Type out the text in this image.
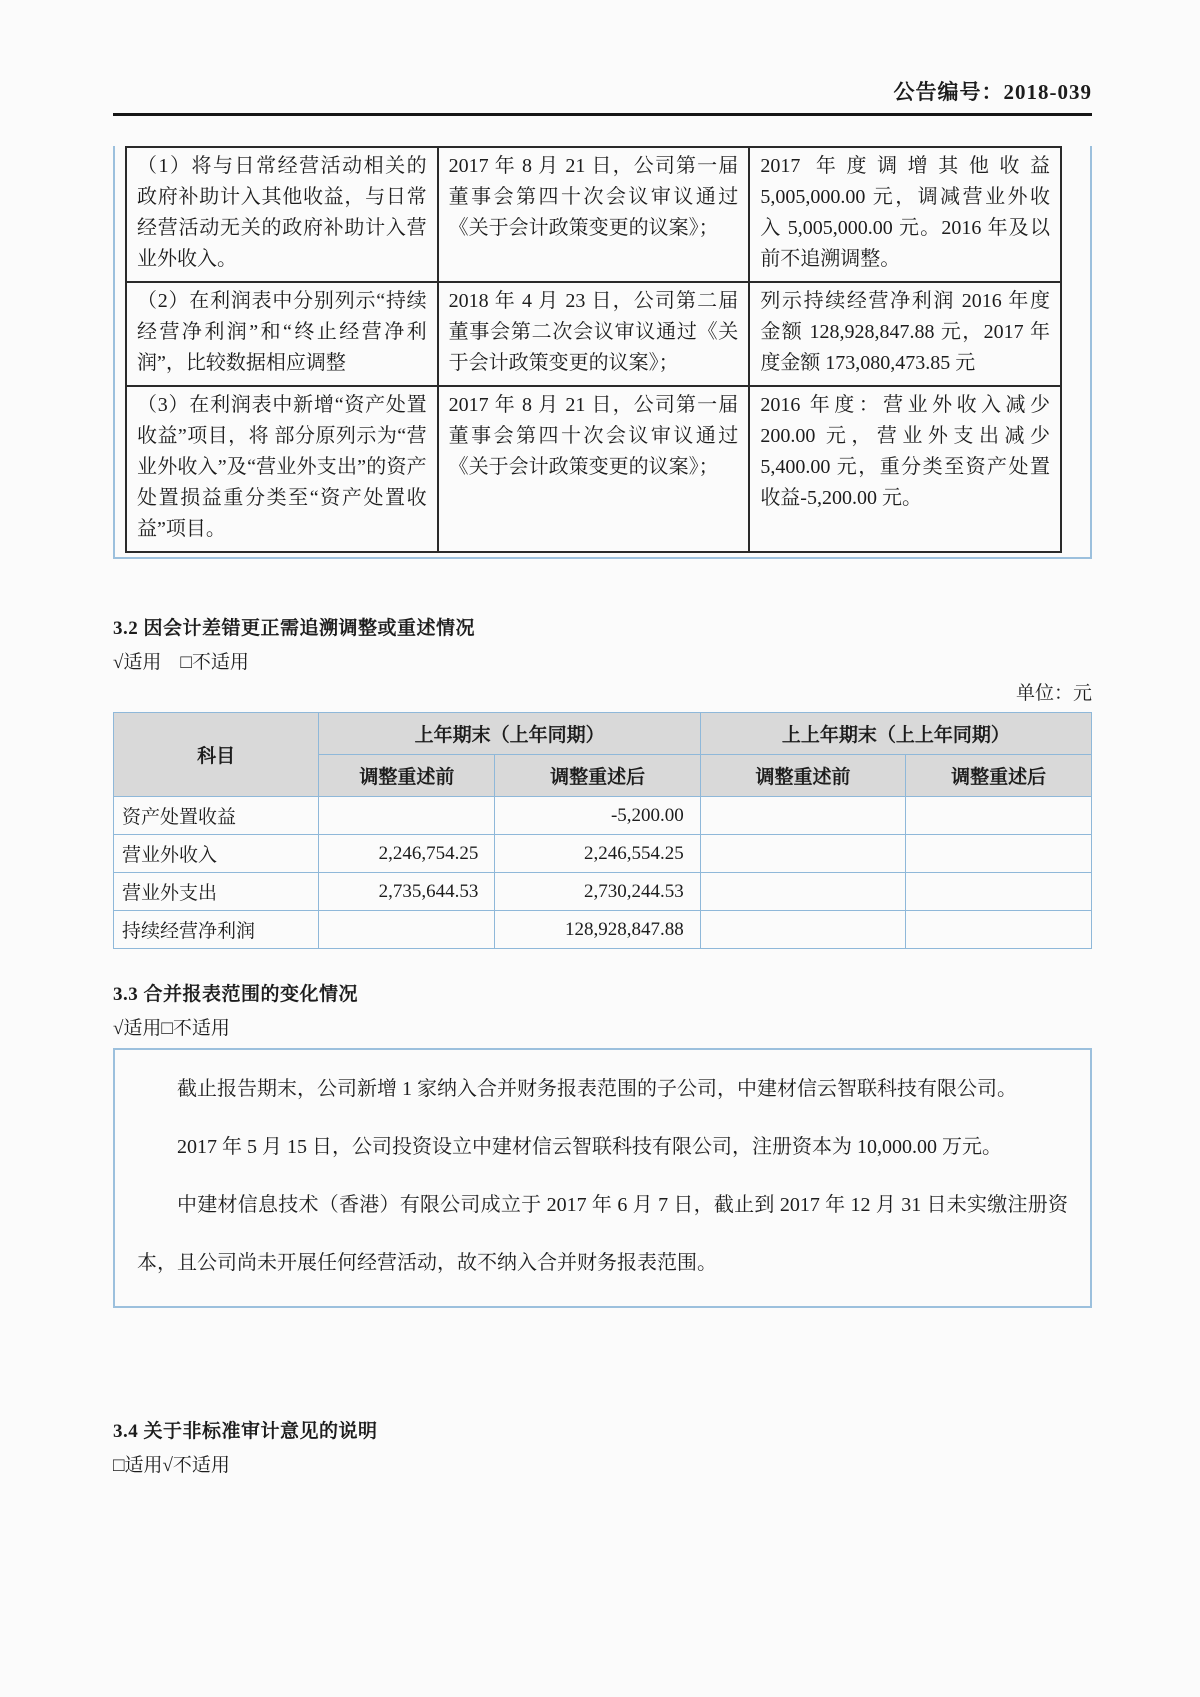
公告编号：2018-039
（1）将与日常经营活动相关的政府补助计入其他收益，与日常经营活动无关的政府补助计入营业外收入。	2017 年 8 月 21 日，公司第一届董事会第四十次会议审议通过《关于会计政策变更的议案》；	2017 年度调增其他收益 5,005,000.00 元，调减营业外收入 5,005,000.00 元。2016 年及以前不追溯调整。
（2）在利润表中分别列示“持续经营净利润”和“终止经营净利润”，比较数据相应调整	2018 年 4 月 23 日，公司第二届董事会第二次会议审议通过《关于会计政策变更的议案》；	列示持续经营净利润 2016 年度金额 128,928,847.88 元，2017 年度金额 173,080,473.85 元
（3）在利润表中新增“资产处置收益”项目，将 部分原列示为“营业外收入”及“营业外支出”的资产处置损益重分类至“资产处置收益”项目。	2017 年 8 月 21 日，公司第一届董事会第四十次会议审议通过《关于会计政策变更的议案》；	2016 年度：营业外收入减少 200.00 元，营业外支出减少 5,400.00 元，重分类至资产处置收益-5,200.00 元。
3.2 因会计差错更正需追溯调整或重述情况
√适用　□不适用
单位：元
科目	上年期末（上年同期）		上上年期末（上上年同期）	
	调整重述前	调整重述后	调整重述前	调整重述后
资产处置收益		-5,200.00		
营业外收入	2,246,754.25	2,246,554.25		
营业外支出	2,735,644.53	2,730,244.53		
持续经营净利润		128,928,847.88		
3.3 合并报表范围的变化情况
√适用□不适用

截止报告期末，公司新增 1 家纳入合并财务报表范围的子公司，中建材信云智联科技有限公司。

2017 年 5 月 15 日，公司投资设立中建材信云智联科技有限公司，注册资本为 10,000.00 万元。

中建材信息技术（香港）有限公司成立于 2017 年 6 月 7 日，截止到 2017 年 12 月 31 日未实缴注册资本，且公司尚未开展任何经营活动，故不纳入合并财务报表范围。

3.4 关于非标准审计意见的说明
□适用√不适用
